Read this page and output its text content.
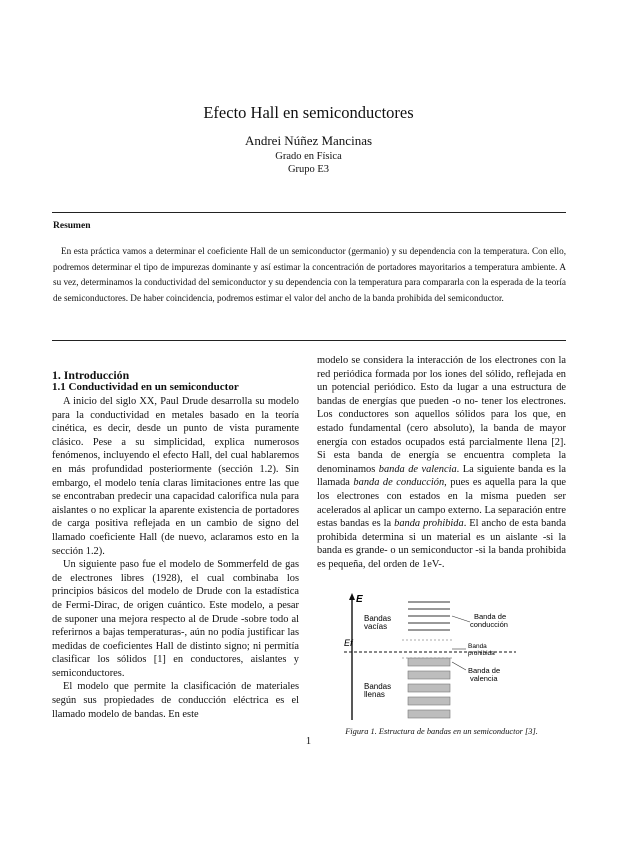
Efecto Hall en semiconductores
Andrei Núñez Mancinas
Grado en Física
Grupo E3
Resumen
En esta práctica vamos a determinar el coeficiente Hall de un semiconductor (germanio) y su dependencia con la temperatura. Con ello, podremos determinar el tipo de impurezas dominante y así estimar la concentración de portadores mayoritarios a temperatura ambiente. A su vez, determinamos la conductividad del semiconductor y su dependencia con la temperatura para compararla con la esperada de la teoría de semiconductores. De haber coincidencia, podremos estimar el valor del ancho de la banda prohibida del semiconductor.
1. Introducción
1.1 Conductividad en un semiconductor

A inicio del siglo XX, Paul Drude desarrolla su modelo para la conductividad en metales basado en la teoría cinética, es decir, desde un punto de vista puramente clásico. Pese a su simplicidad, explica numerosos fenómenos, incluyendo el efecto Hall, del cual hablaremos en más profundidad posteriormente (sección 1.2). Sin embargo, el modelo tenía claras limitaciones entre las que se encontraban predecir una capacidad calorífica nula para aislantes o no explicar la aparente existencia de portadores de carga positiva reflejada en un cambio de signo del llamado coeficiente Hall (de nuevo, aclaramos esto en la sección 1.2).

Un siguiente paso fue el modelo de Sommerfeld de gas de electrones libres (1928), el cual combinaba los principios básicos del modelo de Drude con la estadística de Fermi-Dirac, de origen cuántico. Este modelo, a pesar de suponer una mejora respecto al de Drude -sobre todo al referirnos a bajas temperaturas-, aún no podía justificar las medidas de coeficientes Hall de distinto signo; ni permitía clasificar los sólidos [1] en conductores, aislantes y semiconductores.

El modelo que permite la clasificación de materiales según sus propiedades de conducción eléctrica es el llamado modelo de bandas. En este

modelo se considera la interacción de los electrones con la red periódica formada por los iones del sólido, reflejada en un potencial periódico. Esto da lugar a una estructura de bandas de energías que pueden -o no- tener los electrones. Los conductores son aquellos sólidos para los que, en estado fundamental (cero absoluto), la banda de mayor energía con estados ocupados está parcialmente llena [2]. Si esta banda de energía se encuentra completa la denominamos banda de valencia. La siguiente banda es la llamada banda de conducción, pues es aquella para la que los electrones con estados en la misma pueden ser acelerados al aplicar un campo externo. La separación entre estas bandas es la banda prohibida. El ancho de esta banda prohibida determina si un material es un aislante -si la banda es grande- o un semiconductor -si la banda prohibida es pequeña, del orden de 1eV-.

E
Bandas
vacías
Ef
Bandas
llenas
Banda de
conducción
Banda
prohibida
Banda de
valencia
Figura 1. Estructura de bandas en un semiconductor [3].
1
